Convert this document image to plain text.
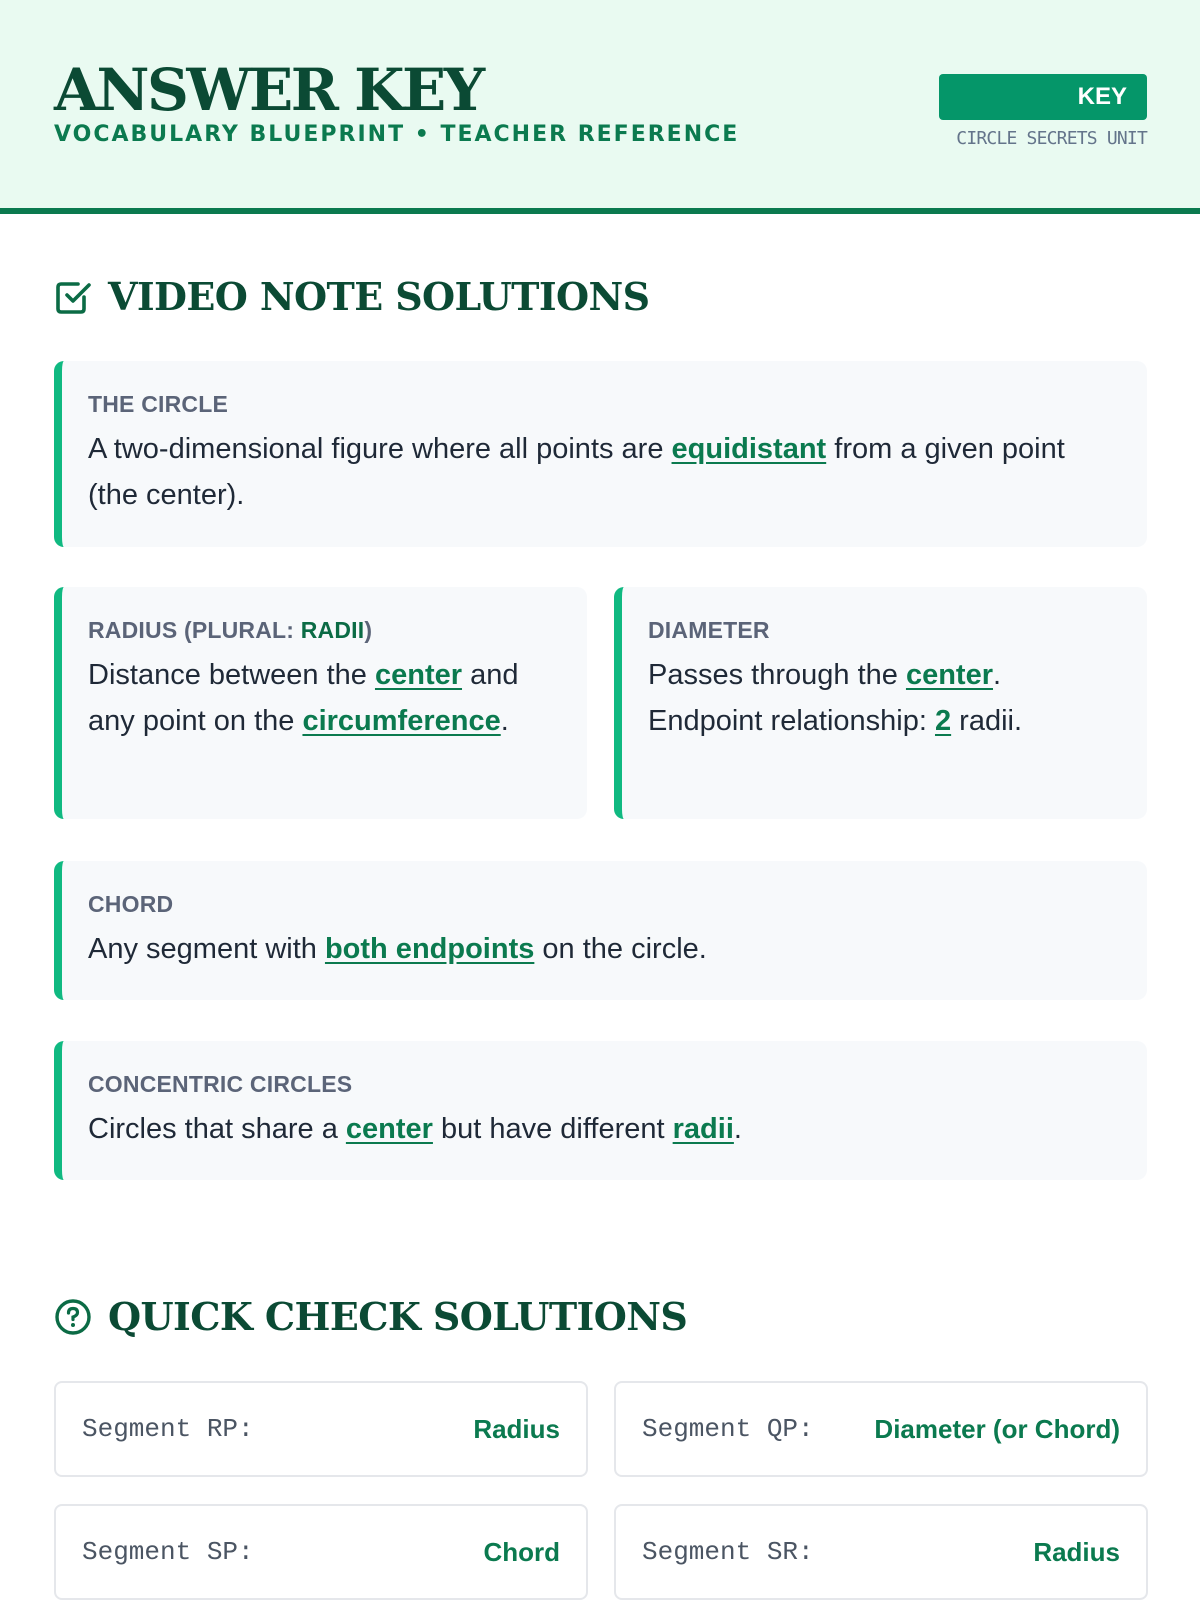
ANSWER KEY
VOCABULARY BLUEPRINT • TEACHER REFERENCE
KEY
CIRCLE SECRETS UNIT
VIDEO NOTE SOLUTIONS
THE CIRCLE
A two-dimensional figure where all points are equidistant from a given point (the center).
RADIUS (PLURAL: RADII)
Distance between the center and any point on the circumference.
DIAMETER
Passes through the center. Endpoint relationship: 2 radii.
CHORD
Any segment with both endpoints on the circle.
CONCENTRIC CIRCLES
Circles that share a center but have different radii.
QUICK CHECK SOLUTIONS
Segment RP:	Radius	Segment QP: Diameter (or Chord)
Segment SP:	Chord	Segment SR:	Radius
